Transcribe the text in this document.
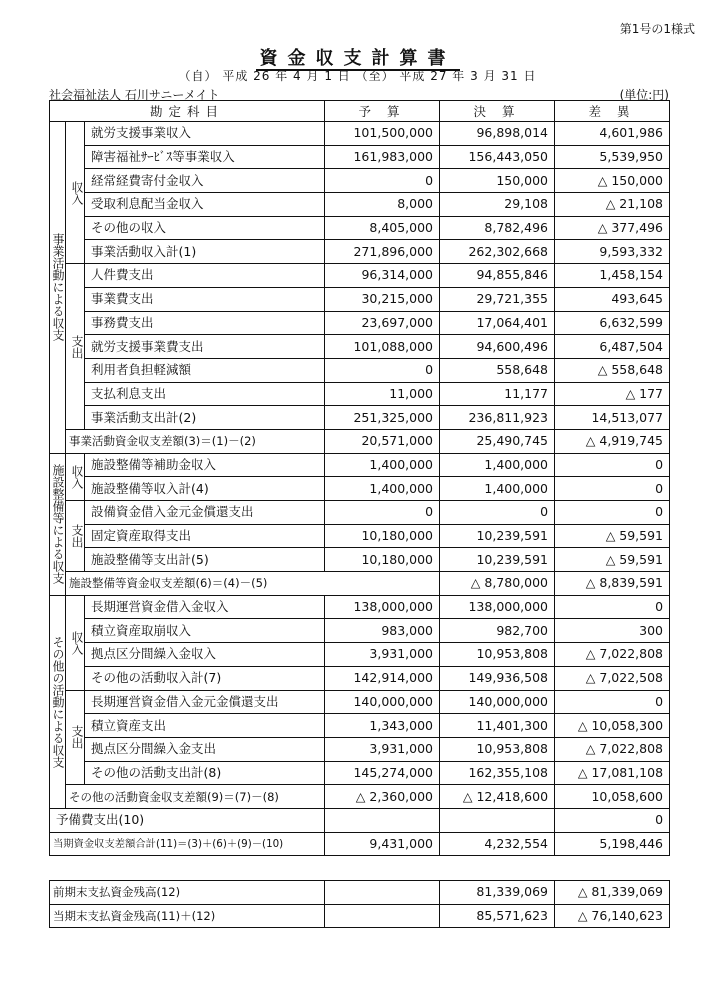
第1号の1様式
資金収支計算書
（自） 平成 26 年 4 月 1 日 （至） 平成 27 年 3 月 31 日
社会福祉法人 石川サニーメイト	(単位:円)
勘定科目			予 算	決 算	差 異	
事業活動による収支	収入	就労支援事業収入	101,500,000	96,898,014	4,601,986	
		障害福祉ｻｰﾋﾞｽ等事業収入	161,983,000	156,443,050	5,539,950	
		経常経費寄付金収入	0	150,000	△ 150,000	
		受取利息配当金収入	8,000	29,108	△ 21,108	
		その他の収入	8,405,000	8,782,496	△ 377,496	
		事業活動収入計(1)	271,896,000	262,302,668	9,593,332	
	支出	人件費支出	96,314,000	94,855,846	1,458,154	
		事業費支出	30,215,000	29,721,355	493,645	
		事務費支出	23,697,000	17,064,401	6,632,599	
		就労支援事業費支出	101,088,000	94,600,496	6,487,504	
		利用者負担軽減額	0	558,648	△ 558,648	
		支払利息支出	11,000	11,177	△ 177	
		事業活動支出計(2)	251,325,000	236,811,923	14,513,077	
	事業活動資金収支差額(3)＝(1)－(2)		20,571,000	25,490,745	△ 4,919,745	
施設整備等による収支	収入	施設整備等補助金収入	1,400,000	1,400,000	0	
		施設整備等収入計(4)	1,400,000	1,400,000	0	
	支出	設備資金借入金元金償還支出	0	0	0	
		固定資産取得支出	10,180,000	10,239,591	△ 59,591	
		施設整備等支出計(5)	10,180,000	10,239,591	△ 59,591	
	施設整備等資金収支差額(6)＝(4)－(5)			△ 8,780,000	△ 8,839,591	
その他の活動による収支	収入	長期運営資金借入金収入	138,000,000	138,000,000	0	
		積立資産取崩収入	983,000	982,700	300	
		拠点区分間繰入金収入	3,931,000	10,953,808	△ 7,022,808	
		その他の活動収入計(7)	142,914,000	149,936,508	△ 7,022,508	
	支出	長期運営資金借入金元金償還支出	140,000,000	140,000,000	0	
		積立資産支出	1,343,000	11,401,300	△ 10,058,300	
		拠点区分間繰入金支出	3,931,000	10,953,808	△ 7,022,808	
		その他の活動支出計(8)	145,274,000	162,355,108	△ 17,081,108	
	その他の活動資金収支差額(9)＝(7)－(8)		△ 2,360,000	△ 12,418,600	10,058,600	
予備費支出(10)					0	
当期資金収支差額合計(11)＝(3)＋(6)＋(9)－(10)			9,431,000	4,232,554	5,198,446	
前期末支払資金残高(12)		81,339,069	△ 81,339,069
当期末支払資金残高(11)＋(12)		85,571,623	△ 76,140,623
